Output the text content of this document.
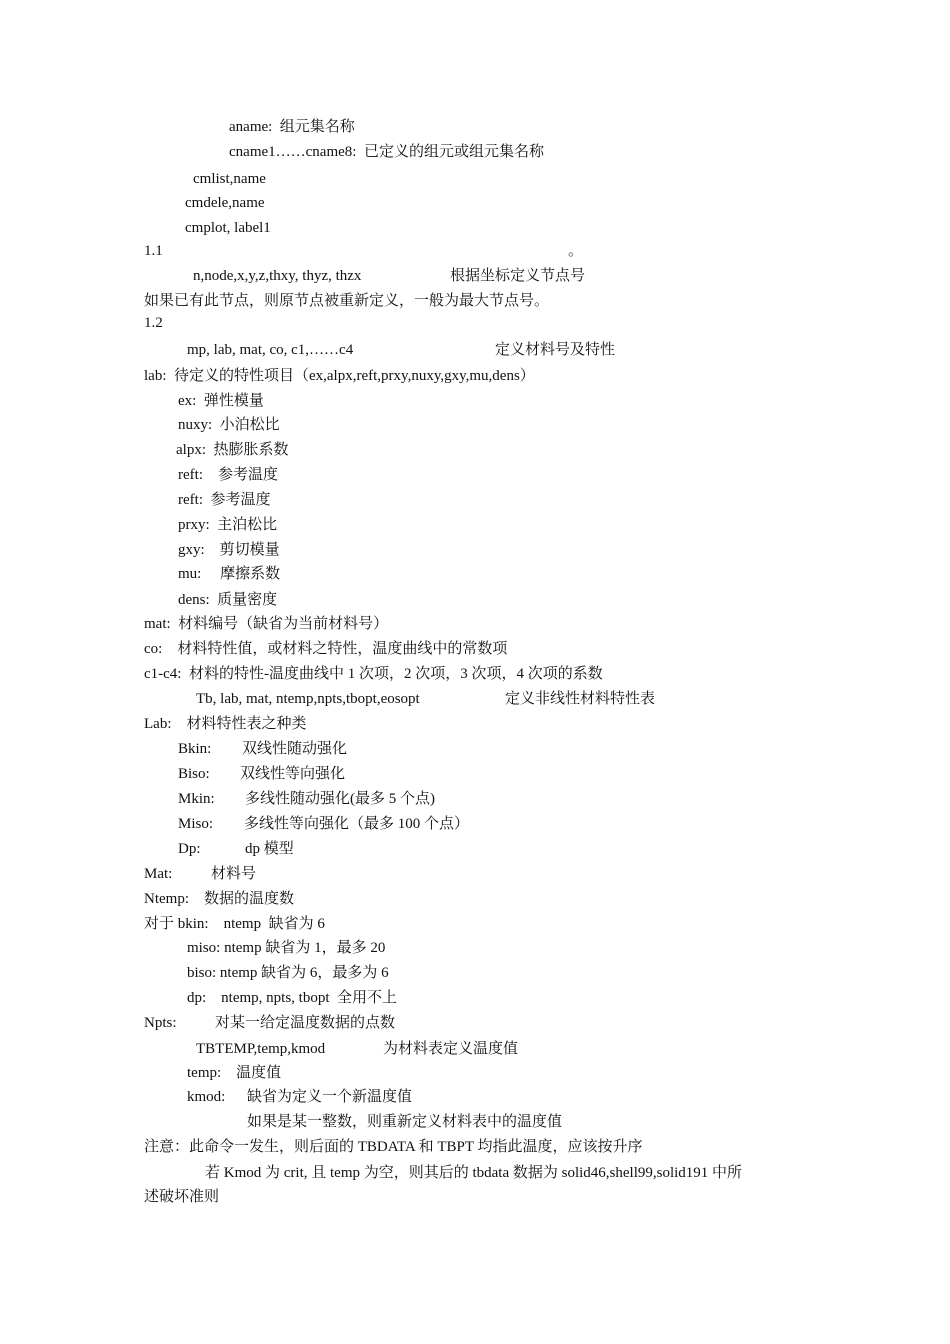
aname:  组元集名称
cname1……cname8:  已定义的组元或组元集名称
cmlist,name
cmdele,name
cmplot, label1
1.1	。
n,node,x,y,z,thxy, thyz, thzx	根据坐标定义节点号
如果已有此节点，则原节点被重新定义，一般为最大节点号。
1.2
mp, lab, mat, co, c1,……c4	定义材料号及特性
lab:  待定义的特性项目（ex,alpx,reft,prxy,nuxy,gxy,mu,dens）
ex:  弹性模量
nuxy:  小泊松比
alpx:  热膨胀系数
reft:    参考温度
reft:  参考温度
prxy:  主泊松比
gxy:    剪切模量
mu:     摩擦系数
dens:  质量密度
mat:  材料编号（缺省为当前材料号）
co:    材料特性值，或材料之特性，温度曲线中的常数项
c1-c4:  材料的特性-温度曲线中 1 次项，2 次项，3 次项，4 次项的系数
Tb, lab, mat, ntemp,npts,tbopt,eosopt	定义非线性材料特性表
Lab:    材料特性表之种类
Bkin: 双线性随动强化
Biso: 双线性等向强化
Mkin: 多线性随动强化(最多 5 个点)
Miso: 多线性等向强化（最多 100 个点）
Dp:	dp 模型
Mat:	材料号
Ntemp:    数据的温度数
对于 bkin:    ntemp  缺省为 6
miso: ntemp 缺省为 1，最多 20
biso: ntemp 缺省为 6，最多为 6
dp:    ntemp, npts, tbopt  全用不上
Npts:	对某一给定温度数据的点数
TBTEMP,temp,kmod	为材料表定义温度值
temp:    温度值
kmod: 缺省为定义一个新温度值
如果是某一整数，则重新定义材料表中的温度值
注意：此命令一发生，则后面的 TBDATA 和 TBPT 均指此温度，应该按升序
若 Kmod 为 crit, 且 temp 为空，则其后的 tbdata 数据为 solid46,shell99,solid191 中所
述破坏准则
